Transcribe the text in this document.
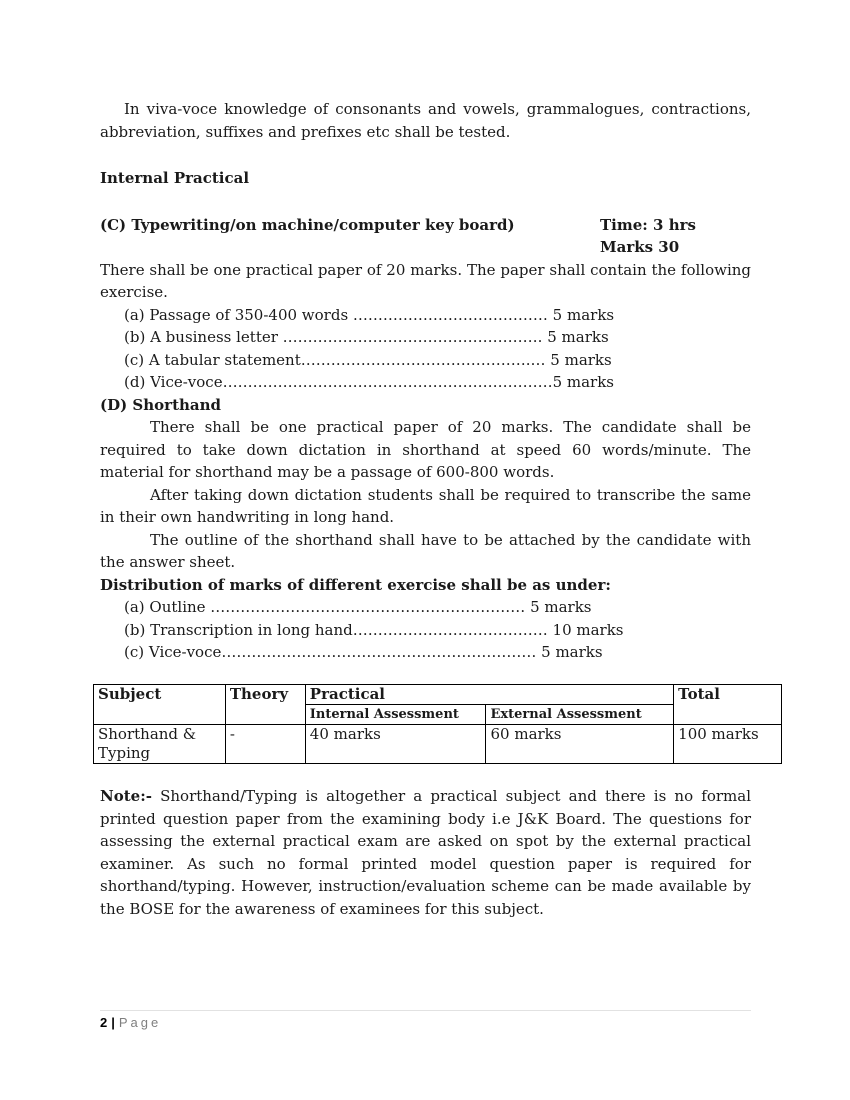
In viva-voce knowledge of consonants and vowels, grammalogues, contractions, abbreviation, suffixes and prefixes etc shall be tested.

Internal Practical

(C) Typewriting/on machine/computer key board)	Time: 3 hrs
Marks 30

There shall be one practical paper of 20 marks. The paper shall contain the following exercise.

(a) Passage of 350-400 words ………………………………… 5 marks
(b) A business letter ……………………………………………. 5 marks
(c) A tabular statement……………………………………….… 5 marks
(d) Vice-voce…………………………………………………………5 marks

(D) Shorthand

There shall be one practical paper of 20 marks. The candidate shall be required to take down dictation in shorthand at speed 60 words/minute. The material for shorthand may be a passage of 600-800 words.

After taking down dictation students shall be required to transcribe the same in their own handwriting in long hand.

The outline of the shorthand shall have to be attached by the candidate with the answer sheet.

Distribution of marks of different exercise shall be as under:

(a) Outline ……………………………………………………… 5 marks
(b) Transcription in long hand………………………………… 10 marks
(c) Vice-voce……………………………………………………… 5 marks
Subject	Theory	Practical		Total
		Internal Assessment	External Assessment	
Shorthand &
Typing	-	40 marks	60 marks	100 marks

Note:- Shorthand/Typing is altogether a practical subject and there is no formal printed question paper from the examining body i.e J&K Board. The questions for assessing the external practical exam are asked on spot by the external practical examiner. As such no formal printed model question paper is required for shorthand/typing. However, instruction/evaluation scheme can be made available by the BOSE for the awareness of examinees for this subject.

2 | Page
